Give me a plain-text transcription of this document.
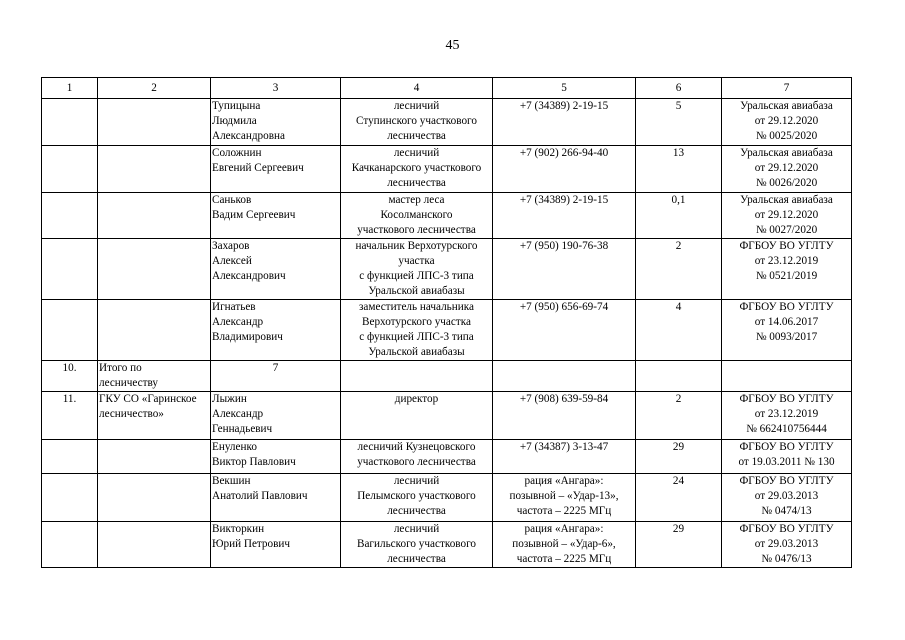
45
1	2	3	4	5	6	7
		Тупицына
Людмила
Александровна	лесничий
Ступинского участкового
лесничества	+7 (34389) 2-19-15	5	Уральская авиабаза
от 29.12.2020
№ 0025/2020
		Соложнин
Евгений Сергеевич	лесничий
Качканарского участкового
лесничества	+7 (902) 266-94-40	13	Уральская авиабаза
от 29.12.2020
№ 0026/2020
		Саньков
Вадим Сергеевич	мастер леса
Косолманского
участкового лесничества	+7 (34389) 2-19-15	0,1	Уральская авиабаза
от 29.12.2020
№ 0027/2020
		Захаров
Алексей
Александрович	начальник Верхотурского
участка
с функцией ЛПС-3 типа
Уральской авиабазы	+7 (950) 190-76-38	2	ФГБОУ ВО УГЛТУ
от 23.12.2019
№ 0521/2019
		Игнатьев
Александр
Владимирович	заместитель начальника
Верхотурского участка
с функцией ЛПС-3 типа
Уральской авиабазы	+7 (950) 656-69-74	4	ФГБОУ ВО УГЛТУ
от 14.06.2017
№ 0093/2017
10.	Итого по
лесничеству	7				
11.	ГКУ СО «Гаринское
лесничество»	Лыжин
Александр
Геннадьевич	директор	+7 (908) 639-59-84	2	ФГБОУ ВО УГЛТУ
от 23.12.2019
№ 662410756444
		Енуленко
Виктор Павлович	лесничий Кузнецовского
участкового лесничества	+7 (34387) 3-13-47	29	ФГБОУ ВО УГЛТУ
от 19.03.2011 № 130
		Векшин
Анатолий Павлович	лесничий
Пелымского участкового
лесничества	рация «Ангара»:
позывной – «Удар-13»,
частота – 2225 МГц	24	ФГБОУ ВО УГЛТУ
от 29.03.2013
№ 0474/13
		Викторкин
Юрий Петрович	лесничий
Вагильского участкового
лесничества	рация «Ангара»:
позывной – «Удар-6»,
частота – 2225 МГц	29	ФГБОУ ВО УГЛТУ
от 29.03.2013
№ 0476/13
